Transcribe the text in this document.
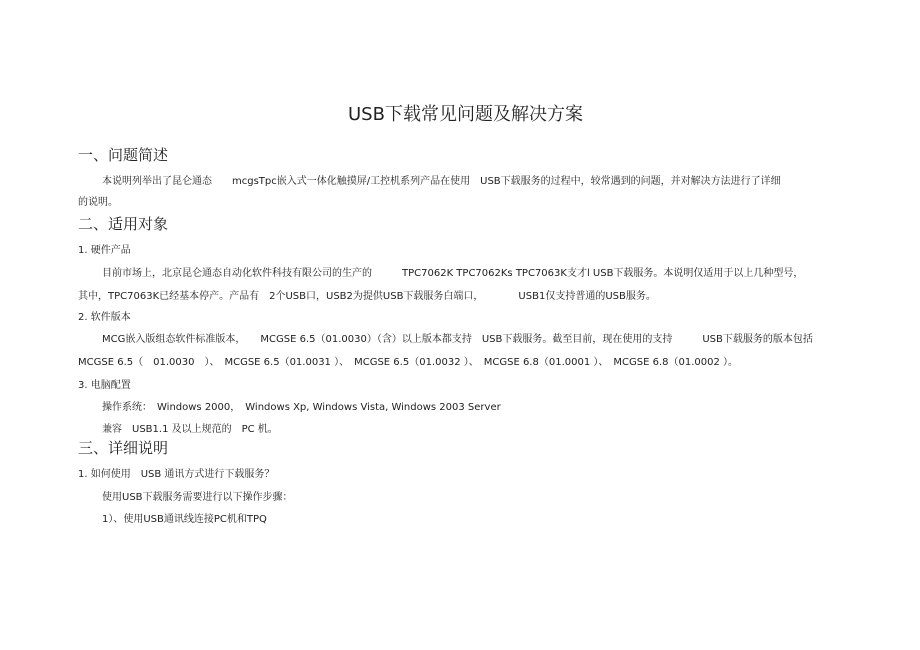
USB下载常见问题及解决方案
一、问题简述
本说明列举出了昆仑通态　　mcgsTpc嵌入式一体化触摸屏/工控机系列产品在使用　USB下载服务的过程中，较常遇到的问题，并对解决方法进行了详细
的说明。
二、适用对象
1. 硬件产品
目前市场上，北京昆仑通态自动化软件科技有限公司的生产的　　　TPC7062K TPC7062Ks TPC7063K支才l USB下载服务。本说明仅适用于以上几种型号，
其中，TPC7063K已经基本停产。产品有　2个USB口，USB2为提供USB下载服务白端口，　　　　USB1仅支持普通的USB服务。
2. 软件版本
MCG嵌入版组态软件标准版本，　　MCGSE 6.5（01.0030）（含）以上版本都支持　USB下载服务。截至目前，现在使用的支持　　　USB下载服务的版本包括
MCGSE 6.5（　01.0030　）、　MCGSE 6.5（01.0031 ）、　MCGSE 6.5（01.0032 ）、　MCGSE 6.8（01.0001 ）、　MCGSE 6.8（01.0002 ）。
3. 电脑配置
操作系统：　Windows 2000，　Windows Xp, Windows Vista, Windows 2003 Server
兼容　USB1.1 及以上规范的　PC 机。
三、详细说明
1. 如何使用　USB 通讯方式进行下载服务？
使用USB下载服务需要进行以下操作步骤：
1）、使用USB通讯线连接PC机和TPQ
